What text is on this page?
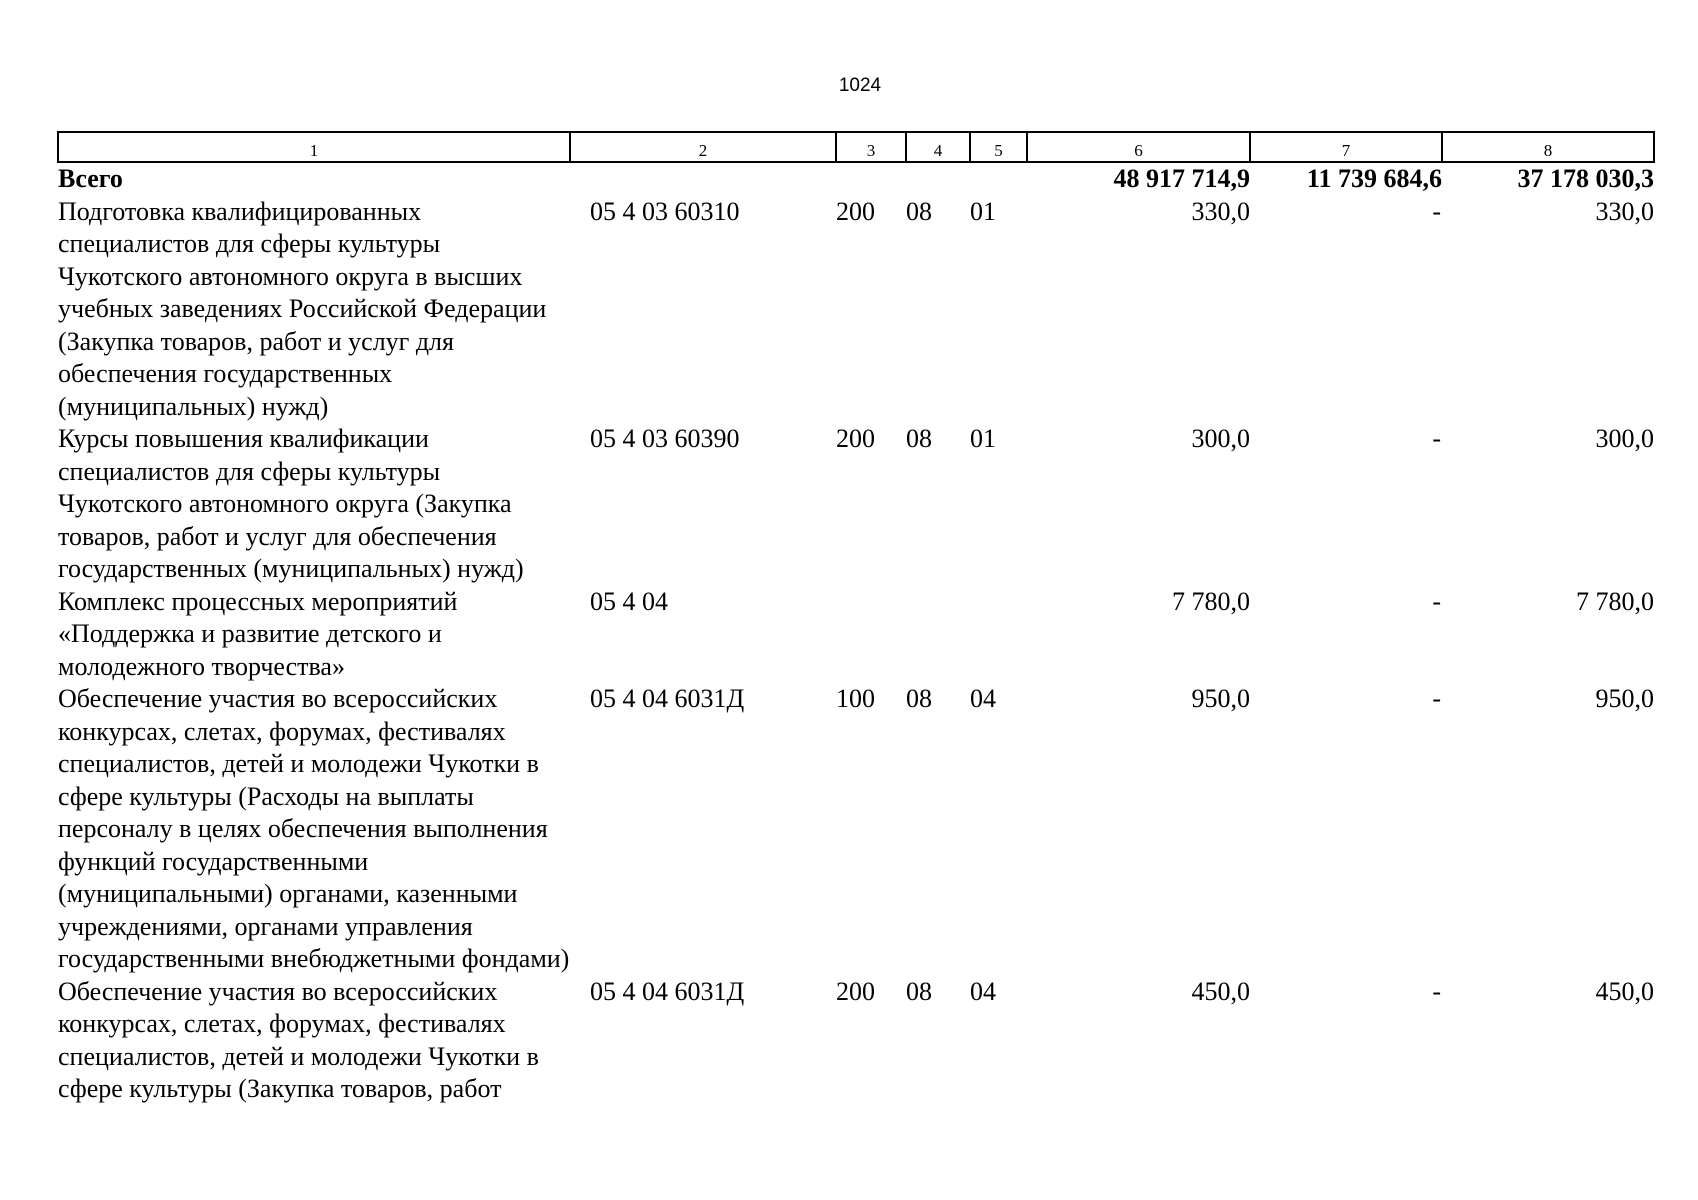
1024
1	2	3	4	5	6	7	8
Всего					48 917 714,9	11 739 684,6	37 178 030,3
Подготовка квалифицированных специалистов для сферы культуры Чукотского автономного округа в высших учебных заведениях Российской Федерации (Закупка товаров, работ и услуг для обеспечения государственных (муниципальных) нужд)	05 4 03 60310	200	08	01	330,0	-	330,0
Курсы повышения квалификации специалистов для сферы культуры Чукотского автономного округа (Закупка товаров, работ и услуг для обеспечения государственных (муниципальных) нужд)	05 4 03 60390	200	08	01	300,0	-	300,0
Комплекс процессных мероприятий «Поддержка и развитие детского и молодежного творчества»	05 4 04				7 780,0	-	7 780,0
Обеспечение участия во всероссийских конкурсах, слетах, форумах, фестивалях специалистов, детей и молодежи Чукотки в сфере культуры (Расходы на выплаты персоналу в целях обеспечения выполнения функций государственными (муниципальными) органами, казенными учреждениями, органами управления государственными внебюджетными фондами)	05 4 04 6031Д	100	08	04	950,0	-	950,0
Обеспечение участия во всероссийских конкурсах, слетах, форумах, фестивалях специалистов, детей и молодежи Чукотки в сфере культуры (Закупка товаров, работ	05 4 04 6031Д	200	08	04	450,0	-	450,0
